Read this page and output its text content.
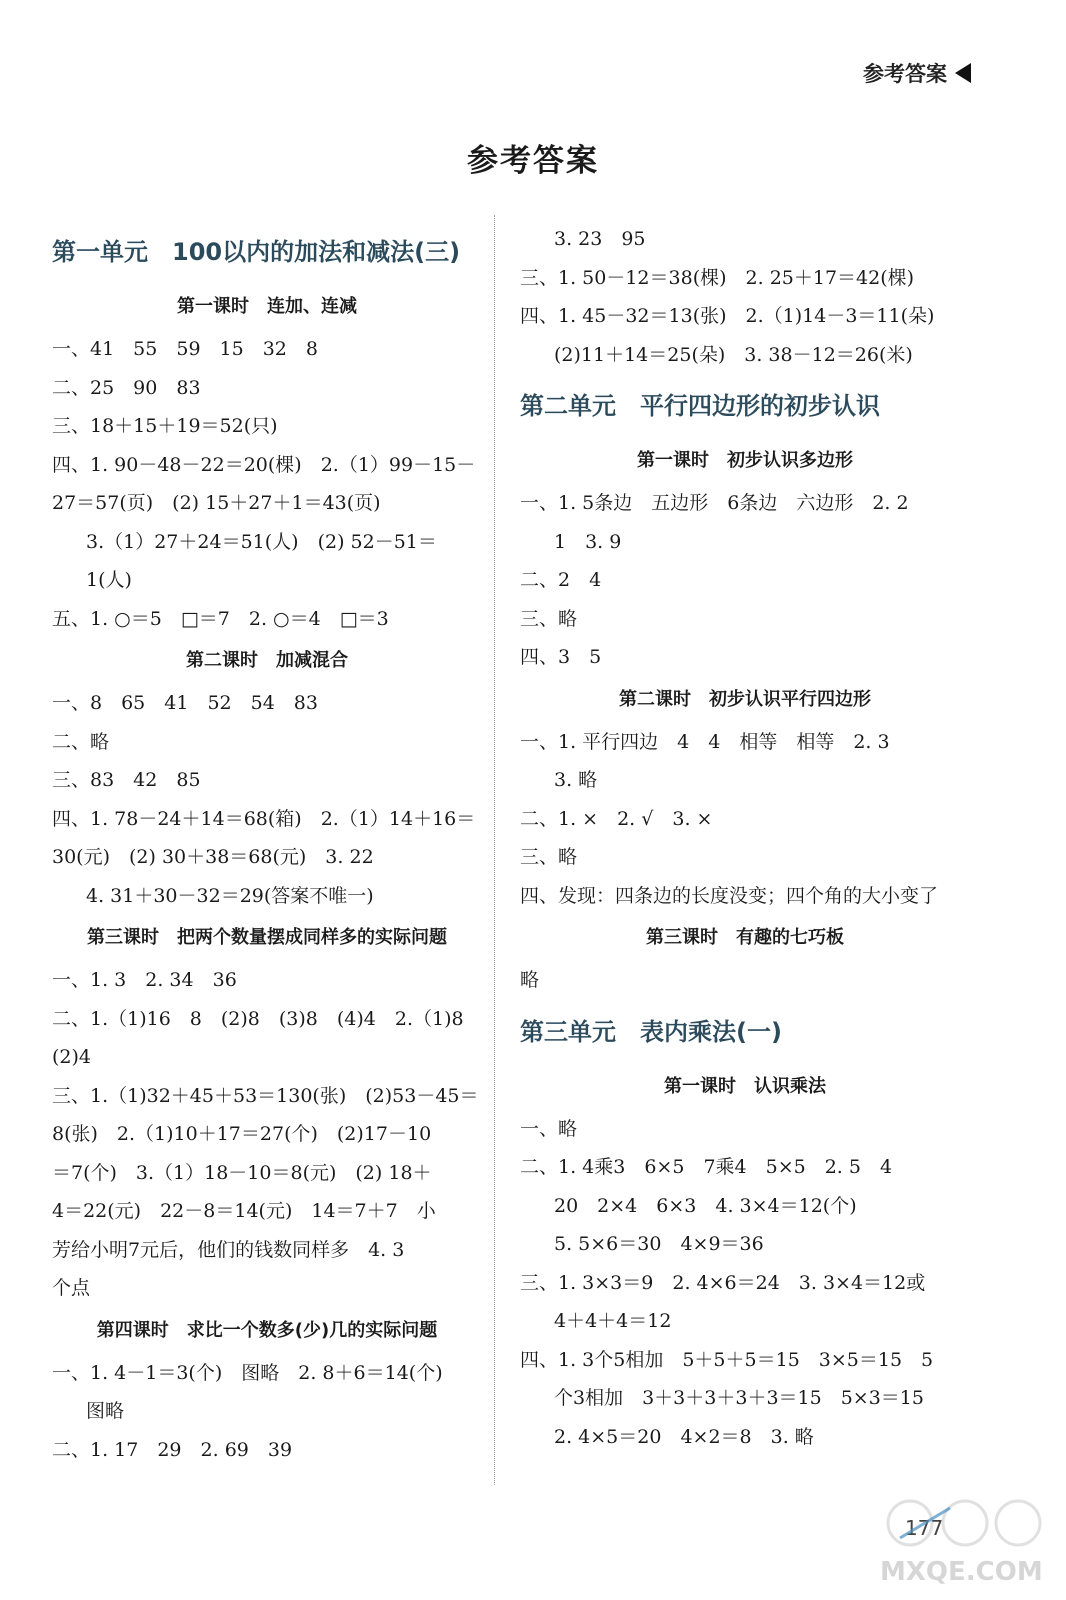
参考答案
参考答案
第一单元　100以内的加法和减法(三)
第一课时　连加、连减
一、41　55　59　15　32　8
二、25　90　83
三、18＋15＋19＝52(只)
四、1. 90－48－22＝20(棵)　2.（1）99－15－
27＝57(页)　(2) 15＋27＋1＝43(页)
3.（1）27＋24＝51(人)　(2) 52－51＝
1(人)
五、1. ○＝5　□＝7　2. ○＝4　□＝3
第二课时　加减混合
一、8　65　41　52　54　83
二、略
三、83　42　85
四、1. 78－24＋14＝68(箱)　2.（1）14＋16＝
30(元)　(2) 30＋38＝68(元)　3. 22
4. 31＋30－32＝29(答案不唯一)
第三课时　把两个数量摆成同样多的实际问题
一、1. 3　2. 34　36
二、1.（1)16　8　(2)8　(3)8　(4)4　2.（1)8
(2)4
三、1.（1)32＋45＋53＝130(张)　(2)53－45＝
8(张)　2.（1)10＋17＝27(个)　(2)17－10
＝7(个)　3.（1）18－10＝8(元)　(2) 18＋
4＝22(元)　22－8＝14(元)　14＝7＋7　小
芳给小明7元后，他们的钱数同样多　4. 3
个点
第四课时　求比一个数多(少)几的实际问题
一、1. 4－1＝3(个)　图略　2. 8＋6＝14(个)
图略
二、1. 17　29　2. 69　39
3. 23　95
三、1. 50－12＝38(棵)　2. 25＋17＝42(棵)
四、1. 45－32＝13(张)　2.（1)14－3＝11(朵)
(2)11＋14＝25(朵)　3. 38－12＝26(米)
第二单元　平行四边形的初步认识
第一课时　初步认识多边形
一、1. 5条边　五边形　6条边　六边形　2. 2
1　3. 9
二、2　4
三、略
四、3　5
第二课时　初步认识平行四边形
一、1. 平行四边　4　4　相等　相等　2. 3
3. 略
二、1. ×　2. √　3. ×
三、略
四、发现：四条边的长度没变；四个角的大小变了
第三课时　有趣的七巧板
略
第三单元　表内乘法(一)
第一课时　认识乘法
一、略
二、1. 4乘3　6×5　7乘4　5×5　2. 5　4
20　2×4　6×3　4. 3×4＝12(个)
5. 5×6＝30　4×9＝36
三、1. 3×3＝9　2. 4×6＝24　3. 3×4＝12或
4＋4＋4＝12
四、1. 3个5相加　5＋5＋5＝15　3×5＝15　5
个3相加　3＋3＋3＋3＋3＝15　5×3＝15
2. 4×5＝20　4×2＝8　3. 略
177
MXQE.COM
